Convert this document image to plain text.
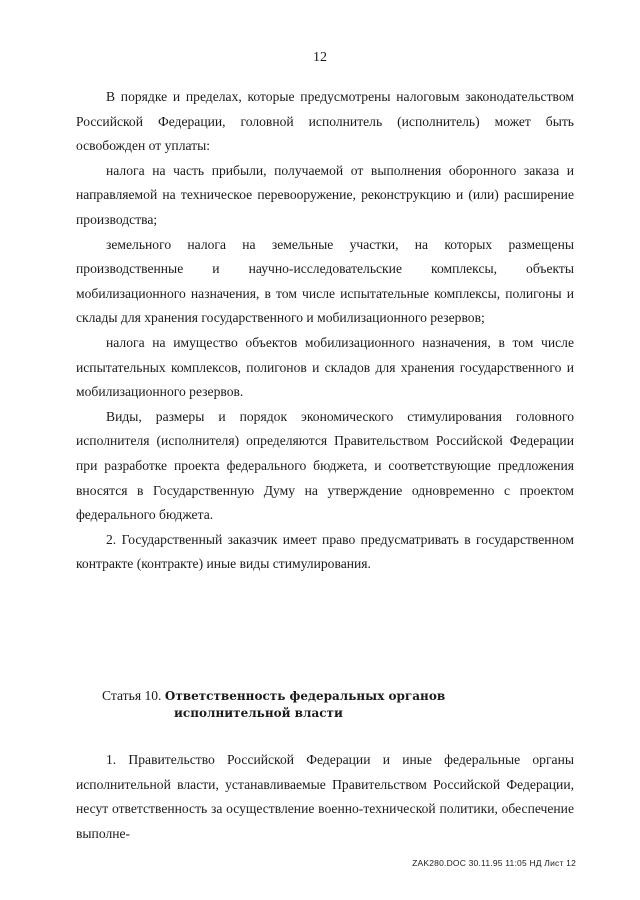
12

В порядке и пределах, которые предусмотрены налоговым законодательством Российской Федерации, головной исполнитель (исполнитель) может быть освобожден от уплаты:

налога на часть прибыли, получаемой от выполнения оборонного заказа и направляемой на техническое перевооружение, реконструкцию и (или) расширение производства;

земельного налога на земельные участки, на которых размещены производственные и научно-исследовательские комплексы, объекты мобилизационного назначения, в том числе испытательные комплексы, полигоны и склады для хранения государственного и мобилизационного резервов;

налога на имущество объектов мобилизационного назначения, в том числе испытательных комплексов, полигонов и складов для хранения государственного и мобилизационного резервов.

Виды, размеры и порядок экономического стимулирования головного исполнителя (исполнителя) определяются Правительством Российской Федерации при разработке проекта федерального бюджета, и соответствующие предложения вносятся в Государственную Думу на утверждение одновременно с проектом федерального бюджета.

2. Государственный заказчик имеет право предусматривать в государственном контракте (контракте) иные виды стимулирования.

Статья 10. Ответственность федеральных органов
исполнительной власти

1. Правительство Российской Федерации и иные федеральные органы исполнительной власти, устанавливаемые Правительством Российской Федерации, несут ответственность за осуществление военно-технической политики, обеспечение выполне-

ZAK280.DOC 30.11.95 11:05 НД Лист 12
